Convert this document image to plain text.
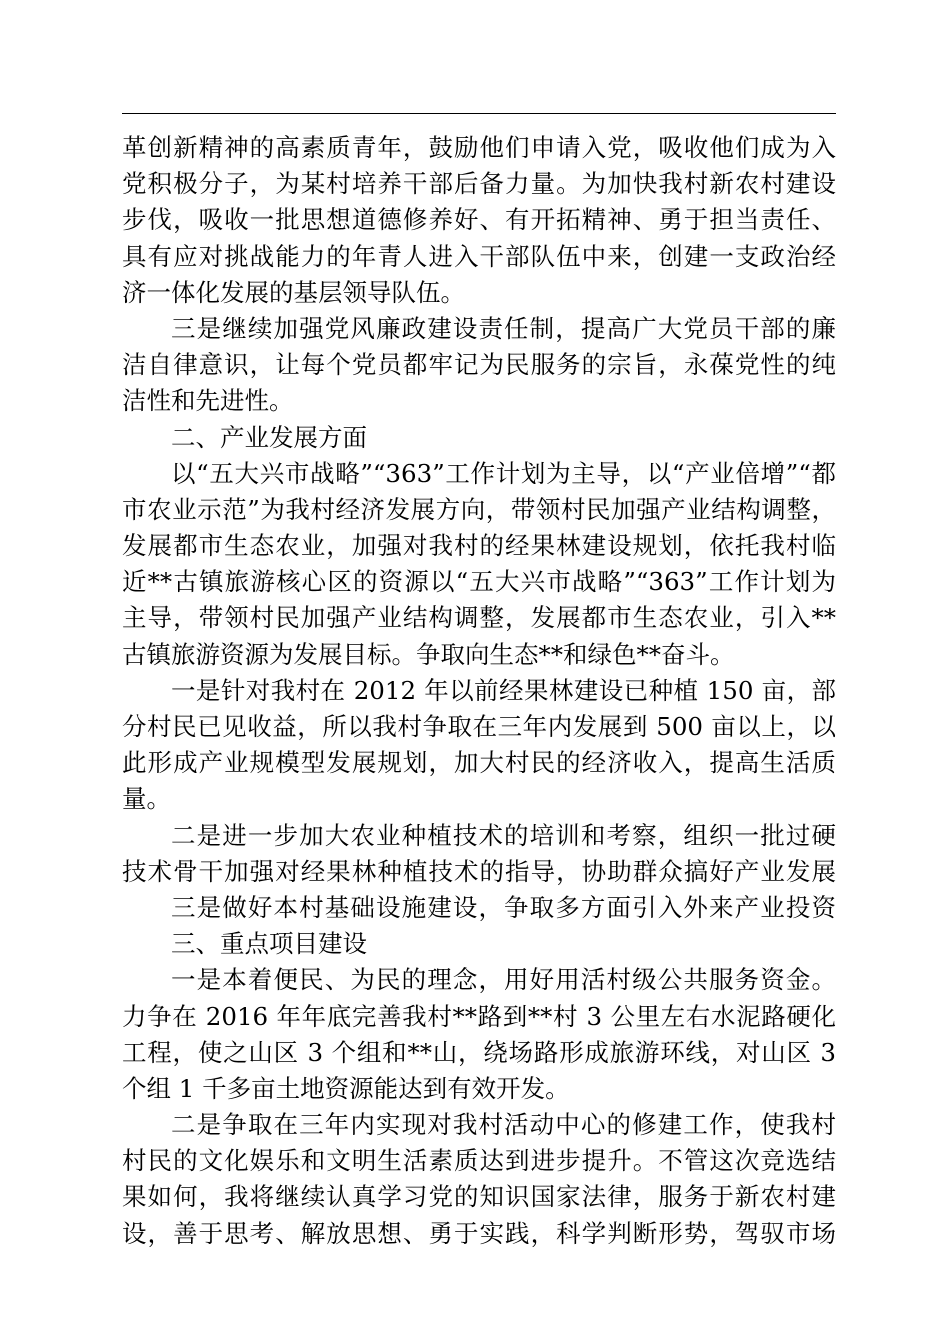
革创新精神的高素质青年，鼓励他们申请入党，吸收他们成为入
党积极分子，为某村培养干部后备力量。为加快我村新农村建设
步伐，吸收一批思想道德修养好、有开拓精神、勇于担当责任、
具有应对挑战能力的年青人进入干部队伍中来，创建一支政治经
济一体化发展的基层领导队伍。
三是继续加强党风廉政建设责任制，提高广大党员干部的廉
洁自律意识，让每个党员都牢记为民服务的宗旨，永葆党性的纯
洁性和先进性。
二、产业发展方面
以“五大兴市战略”“363”工作计划为主导，以“产业倍增”“都
市农业示范”为我村经济发展方向，带领村民加强产业结构调整，
发展都市生态农业，加强对我村的经果林建设规划，依托我村临
近**古镇旅游核心区的资源以“五大兴市战略”“363”工作计划为
主导，带领村民加强产业结构调整，发展都市生态农业，引入**
古镇旅游资源为发展目标。争取向生态**和绿色**奋斗。
一是针对我村在 2012 年以前经果林建设已种植 150 亩，部
分村民已见收益，所以我村争取在三年内发展到 500 亩以上，以
此形成产业规模型发展规划，加大村民的经济收入，提高生活质
量。
二是进一步加大农业种植技术的培训和考察，组织一批过硬
技术骨干加强对经果林种植技术的指导，协助群众搞好产业发展
三是做好本村基础设施建设，争取多方面引入外来产业投资
三、重点项目建设
一是本着便民、为民的理念，用好用活村级公共服务资金。
力争在 2016 年年底完善我村**路到**村 3 公里左右水泥路硬化
工程，使之山区 3 个组和**山，绕场路形成旅游环线，对山区 3
个组 1 千多亩土地资源能达到有效开发。
二是争取在三年内实现对我村活动中心的修建工作，使我村
村民的文化娱乐和文明生活素质达到进步提升。不管这次竞选结
果如何，我将继续认真学习党的知识国家法律，服务于新农村建
设，善于思考、解放思想、勇于实践，科学判断形势，驾驭市场
